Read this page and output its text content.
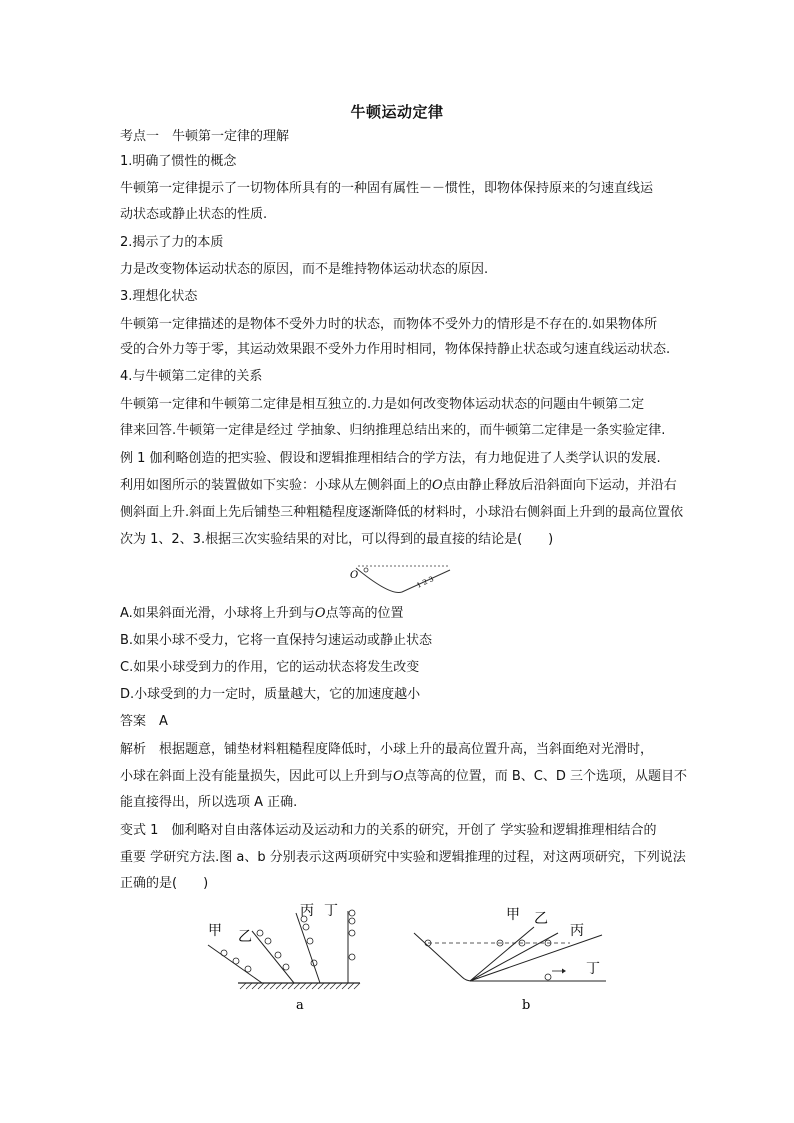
牛顿运动定律
考点一　牛顿第一定律的理解
1.明确了惯性的概念
牛顿第一定律提示了一切物体所具有的一种固有属性－－惯性，即物体保持原来的匀速直线运
动状态或静止状态的性质.
2.揭示了力的本质
力是改变物体运动状态的原因，而不是维持物体运动状态的原因.
3.理想化状态
牛顿第一定律描述的是物体不受外力时的状态，而物体不受外力的情形是不存在的.如果物体所
受的合外力等于零，其运动效果跟不受外力作用时相同，物体保持静止状态或匀速直线运动状态.
4.与牛顿第二定律的关系
牛顿第一定律和牛顿第二定律是相互独立的.力是如何改变物体运动状态的问题由牛顿第二定
律来回答.牛顿第一定律是经过 学抽象、归纳推理总结出来的，而牛顿第二定律是一条实验定律.
例 1 伽利略创造的把实验、假设和逻辑推理相结合的学方法，有力地促进了人类学认识的发展.
利用如图所示的装置做如下实验：小球从左侧斜面上的O点由静止释放后沿斜面向下运动，并沿右
侧斜面上升.斜面上先后铺垫三种粗糙程度逐渐降低的材料时，小球沿右侧斜面上升到的最高位置依
次为 1、2、3.根据三次实验结果的对比，可以得到的最直接的结论是(　　)
O	1 2 3
A.如果斜面光滑，小球将上升到与O点等高的位置
B.如果小球不受力，它将一直保持匀速运动或静止状态
C.如果小球受到力的作用，它的运动状态将发生改变
D.小球受到的力一定时，质量越大，它的加速度越小
答案　A
解析　根据题意，铺垫材料粗糙程度降低时，小球上升的最高位置升高，当斜面绝对光滑时，
小球在斜面上没有能量损失，因此可以上升到与O点等高的位置，而 B、C、D 三个选项，从题目不
能直接得出，所以选项 A 正确.
变式 1　伽利略对自由落体运动及运动和力的关系的研究，开创了 学实验和逻辑推理相结合的
重要 学研究方法.图 a、b 分别表示这两项研究中实验和逻辑推理的过程，对这两项研究，下列说法
正确的是(　　)
甲 乙
丙 丁
a
甲 乙
丙
丁
b
